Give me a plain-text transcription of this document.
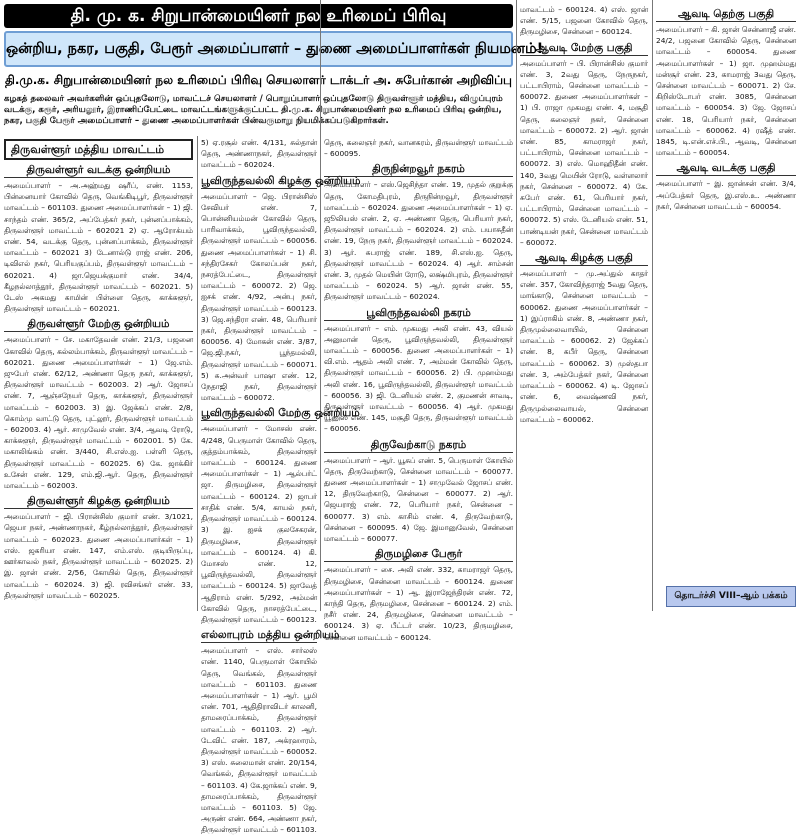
தி. மு. க. சிறுபான்மையினர் நல உரிமைப் பிரிவு
ஒன்றிய, நகர, பகுதி, பேரூர் அமைப்பாளர் – துணை அமைப்பாளர்கள் நியமனம்!
தி.மு.க. சிறுபான்மையினர் நல உரிமைப் பிரிவு செயலாளர் டாக்டர் அ. சுபேர்கான் அறிவிப்பு
கழகத் தலைவர் அவர்களின் ஒப்புதலோடு, மாவட்டச் செயலாளர் / பொறுப்பாளர் ஒப்புதலோடு திருவள்ளூர் மத்திய, விழுப்புரம் வடக்கு, கரூர், அரியலூர், இராணிப்பேட்டை மாவட்டங்களுக்குட்பட்ட தி.மு.க. சிறுபான்மையினர் நல உரிமைப் பிரிவு ஒன்றிய, நகர, பகுதி பேரூர் அமைப்பாளர் – துணை அமைப்பாளர்கள் பின்வருமாறு நியமிக்கப்படுகிறார்கள்.
திருவள்ளூர் மத்திய மாவட்டம்
திருவள்ளூர் வடக்கு ஒன்றியம்

அமைப்பாளர் – அ.அஹ்மது ஷரீப், எண். 1153, பின்னையார் கோவில் தெரு, வெங்கிடிபூர், திருவள்ளூர் மாவட்டம் – 601103. துணை அமைப்பாளர்கள் – 1) ஜி. சாந்தம் எண். 365/2, அப்பேத்கர் நகர், புன்னப்பாக்கம், திருவள்ளூர் மாவட்டம் – 602021 2) ஏ. ஆரோக்யம் எண். 54, வடக்கு தெரு, புன்னப்பாக்கம், திருவள்ளூர் மாவட்டம் – 602021 3) டேனால்டு ராஜ் எண். 206, டிவிஎல் நகர், பெரியகுப்பம், திருவள்ளூர் மாவட்டம் – 602021. 4) ஜா.ஜெயக்குமார் எண். 34/4, கீழநல்லாத்தூர், திருவள்ளூர் மாவட்டம் – 602021. 5) டேஸ் அகமது காமின் பிள்ளை தெரு, காக்களூர், திருவள்ளூர் மாவட்டம் – 602021.

திருவள்ளூர் மேற்கு ஒன்றியம்

அமைப்பாளர் – சே. மகாதேவன் எண். 21/3, பஜனை கோவில் தெரு, கல்லம்பாக்கம், திருவள்ளூர் மாவட்டம் – 602021. துணை அமைப்பாளர்கள் – 1) ஜே.எம். ஜுபேர் எண். 62/12, அண்ணா தெரு நகர், காக்களூர், திருவள்ளூர் மாவட்டம் – 602003. 2) ஆர். ஜோசப் எண். 7, ஆஞ்சநேயர் தெரு, காக்களூர், திருவள்ளூர் மாவட்டம் – 602003. 3) இ. ஜேக்கப் எண். 2/8, கொம்மு வாட்டு தெரு, புட்லூர், திருவள்ளூர் மாவட்டம் – 602003. 4) ஆர். சாமுவேல் எண். 3/4, ஆவடி ரோடு, காக்களூர், திருவள்ளூர் மாவட்டம் – 602001. 5) கே. மகாலிங்கம் எண். 3/440, சி.எஸ்.ஐ. பள்ளி தெரு, திருவள்ளூர் மாவட்டம் – 602025. 6) கே. ஜாக்கிர் உசேன் எண். 129, எம்.ஜி.ஆர். தெரு, திருவள்ளூர் மாவட்டம் – 602003.

திருவள்ளூர் கிழக்கு ஒன்றியம்

அமைப்பாளர் – ஜி. பிரான்சிஸ் குமார் எண். 3/1021, ஜெயா நகர், அண்ணாநகர், கீழ்நல்லாத்தூர், திருவள்ளூர் மாவட்டம் – 602023. துணை அமைப்பாளர்கள் – 1) எஸ். ஜகரியா எண். 147, எம்.எஸ். குடியிருப்பு, ஊர்காவல் நகர், திருவள்ளூர் மாவட்டம் – 602025. 2) இ. ஜான் எண். 2/56, கோயில் தெரு, திருவள்ளூர் மாவட்டம் – 602024. 3) ஜி. ரவிசங்கர் எண். 33, திருவள்ளூர் மாவட்டம் – 602025.

5) ஏ.ரசூல் எண். 4/131, சுல்தான் தெரு, அண்ணாநகர், திருவள்ளூர் மாவட்டம் – 602024.

பூவிருந்தவல்லி கிழக்கு ஒன்றியம்

அமைப்பாளர் – ஜெ. பிரான்சிஸ் சேவியர் எண். 7, பொன்னியம்மன் கோவில் தெரு, பாரிவாக்கம், பூவிருந்தவல்லி, திருவள்ளூர் மாவட்டம் – 600056. துணை அமைப்பாளர்கள் – 1) சி. சந்திரசேகர் கோலப்பன் நகர், நசரத்பேட்டை, திருவள்ளூர் மாவட்டம் – 600072. 2) ஜெ. ஐசக் எண். 4/92, அன்பு நகர், திருவள்ளூர் மாவட்டம் – 600123. 3) ஜெ.சந்திரா எண். 48, பெரியார் நகர், திருவள்ளூர் மாவட்டம் – 600056. 4) மோகன் எண். 3/87, ஜெ.ஜி.நகர், பூந்தமல்லி, திருவள்ளூர் மாவட்டம் – 600071. 5) சு.அன்வர் பாஷா எண். 12, நேதாஜி நகர், திருவள்ளூர் மாவட்டம் – 600072.

பூவிருந்தவல்லி மேற்கு ஒன்றியம்

அமைப்பாளர் – மோசஸ் எண். 4/248, பெருமாள் கோவில் தெரு, குத்தம்பாக்கம், திருவள்ளூர் மாவட்டம் – 600124. துணை அமைப்பாளர்கள் – 1) ஆல்பர்ட் ஜா. திருமழிசை, திருவள்ளூர் மாவட்டம் – 600124. 2) ஜாபர் சாதிக் எண். 5/4, காயல் நகர், திருவள்ளூர் மாவட்டம் – 600124. 3) இ. ஐசக் குலசேகரன், திருமழிசை, திருவள்ளூர் மாவட்டம் – 600124. 4) கி. மோசஸ் எண். 12, பூவிருந்தவல்லி, திருவள்ளூர் மாவட்டம் – 600124. 5) ஜாவேத் ஆதிராம் எண். 5/292, அம்மன் கோவில் தெரு, நாசரத்பேட்டை, திருவள்ளூர் மாவட்டம் – 600123.

எல்லாபுரம் மத்திய ஒன்றியம்

அமைப்பாளர் – எஸ். சார்லஸ் எண். 1140, பெருமாள் கோயில் தெரு, வெங்கல், திருவள்ளூர் மாவட்டம் – 601103. துணை அமைப்பாளர்கள் – 1) ஆர். பூமி எண். 701, ஆதிதிராவிடர் காலனி, தாமரைப்பாக்கம், திருவள்ளூர் மாவட்டம் – 601103. 2) ஆர். டேவிட் எண். 187, அக்ரஹாரம், திருவள்ளூர் மாவட்டம் – 600052. 3) எஸ். சுலைமான் எண். 20/154, வெங்கல், திருவள்ளூர் மாவட்டம் – 601103. 4) கே.ஜாக்கப் எண். 9, தாமரைப்பாக்கம், திருவள்ளூர் மாவட்டம் – 601103. 5) ஜே. அருண் எண். 664, அண்ணா நகர், திருவள்ளூர் மாவட்டம் – 601103.

தெரு, கலைஞர் நகர், வானகரம், திருவள்ளூர் மாவட்டம் – 600095.

திருநின்றவூர் நகரம்

அமைப்பாளர் – எஸ்.ஜெசிந்தா எண். 19, முதல் குறுக்கு தெரு, கோமதிபுரம், திருநின்றவூர், திருவள்ளூர் மாவட்டம் – 602024. துணை அமைப்பாளர்கள் – 1) ஏ. ஜூலியஸ் எண். 2, ஏ. அண்ணா தெரு, பெரியார் நகர், திருவள்ளூர் மாவட்டம் – 602024. 2) எம். பயாசுதீன் எண். 19, நேரு நகர், திருவள்ளூர் மாவட்டம் – 602024. 3) ஆர். சுபராஜ் எண். 189, சி.எஸ்.ஐ. தெரு, திருவள்ளூர் மாவட்டம் – 602024. 4) ஆர். சாம்சன் எண். 3, முதல் மெயின் ரோடு, லக்ஷ்மிபுரம், திருவள்ளூர் மாவட்டம் – 602024. 5) ஆர். ஜான் எண். 55, திருவள்ளூர் மாவட்டம் – 602024.

பூவிருந்தவல்லி நகரம்

அமைப்பாளர் – எம். முகமது அலி எண். 43, வியல் அனுமான் தெரு, பூவிருந்தவல்லி, திருவள்ளூர் மாவட்டம் – 600056. துணை அமைப்பாளர்கள் – 1) வி.எம். ஆதம் அலி எண். 7, அம்மன் கோவில் தெரு, திருவள்ளூர் மாவட்டம் – 600056. 2) பி. முஹம்மது அலி எண். 16, பூவிருந்தவல்லி, திருவள்ளூர் மாவட்டம் – 600056. 3) ஜி. டேனியல் எண். 2, குமணன் சாவடி, திருவள்ளூர் மாவட்டம் – 600056. 4) ஆர். முகமது யூனுஸ் எண். 145, மசூதி தெரு, திருவள்ளூர் மாவட்டம் – 600056.

திருவேற்காடு நகரம்

அமைப்பாளர் – ஆர். யூசுப் எண். 5, பெருமாள் கோயில் தெரு, திருவேற்காடு, சென்னை மாவட்டம் – 600077. துணை அமைப்பாளர்கள் – 1) சாமுவேல் ஜோசப் எண். 12, திருவேற்காடு, சென்னை – 600077. 2) ஆர். ஜெயராஜ் எண். 72, பெரியார் நகர், சென்னை – 600077. 3) எம். காசிம் எண். 4, திருவேற்காடு, சென்னை – 600095. 4) ஜே. இமானுவேல், சென்னை மாவட்டம் – 600077.

திருமழிசை பேரூர்

அமைப்பாளர் – சை. அலி எண். 332, காமராஜர் தெரு, திருமழிசை, சென்னை மாவட்டம் – 600124. துணை அமைப்பாளர்கள் – 1) ஆ. இராஜேந்திரன் எண். 72, காந்தி தெரு, திருமழிசை, சென்னை – 600124. 2) எம். நசீர் எண். 24, திருமழிசை, சென்னை மாவட்டம் – 600124. 3) ஏ. பீட்டர் எண். 10/23, திருமழிசை, சென்னை மாவட்டம் – 600124.

மாவட்டம் – 600124. 4) எஸ். ஜான் எண். 5/15, பஜனை கோவில் தெரு, திருமழிசை, சென்னை – 600124.

ஆவடி மேற்கு பகுதி

அமைப்பாளர் – பி. பிரான்சிஸ் குமார் எண். 3, 2வது தெரு, நேருநகர், பட்டாபிராம், சென்னை மாவட்டம் – 600072. துணை அமைப்பாளர்கள் – 1) பி. ராஜா முகமது எண். 4, மசூதி தெரு, கலைஞர் நகர், சென்னை மாவட்டம் – 600072. 2) ஆர். ஜான் எண். 85, காமராஜர் நகர், பட்டாபிராம், சென்னை மாவட்டம் – 600072. 3) எஸ். மொஹிதீன் எண். 140, 3வது மெயின் ரோடு, வள்ளலார் நகர், சென்னை – 600072. 4) கே. சுபேர் எண். 61, பெரியார் நகர், பட்டாபிராம், சென்னை மாவட்டம் – 600072. 5) எஸ். டேனியல் எண். 51, பாண்டியன் நகர், சென்னை மாவட்டம் – 600072.

ஆவடி கிழக்கு பகுதி

அமைப்பாளர் – மு.அப்துல் காதர் எண். 357, கோவிந்தராஜ் 5வது தெரு, மாங்காடு, சென்னை மாவட்டம் – 600062. துணை அமைப்பாளர்கள் – 1) இப்ராகிம் எண். 8, அண்ணா நகர், திருமுல்லைவாயில், சென்னை மாவட்டம் – 600062. 2) ஜேக்கப் எண். 8, கபீர் தெரு, சென்னை மாவட்டம் – 600062. 3) முஸ்தபா எண். 3, அம்பேத்கர் நகர், சென்னை மாவட்டம் – 600062. 4) டி. ஜோசப் எண். 6, வைஷ்ணவி நகர், திருமுல்லைவாயல், சென்னை மாவட்டம் – 600062.

ஆவடி தெற்கு பகுதி

அமைப்பாளர் – கி. ஜான் சென்னாஜீ எண். 24/2, பஜனை கோவில் தெரு, சென்னை மாவட்டம் – 600054. துணை அமைப்பாளர்கள் – 1) ஜா. முஹம்மது மன்சூர் எண். 23, காமராஜ் 3வது தெரு, சென்னை மாவட்டம் – 600071. 2) சே. கிறிஸ்டோபர் எண். 3085, சென்னை மாவட்டம் – 600054. 3) ஜே. ஜோசப் எண். 18, பெரியார் நகர், சென்னை மாவட்டம் – 600062. 4) ரஷீத் எண். 1845, டி.என்.எச்.பி., ஆவடி, சென்னை மாவட்டம் – 600054.

ஆவடி வடக்கு பகுதி

அமைப்பாளர் – இ. ஜான்சன் எண். 3/4, அப்பேத்கர் தெரு, இ.எஸ்.உ. அண்ணா நகர், சென்னை மாவட்டம் – 600054.

தொடர்ச்சி VIII–ஆம் பக்கம்
